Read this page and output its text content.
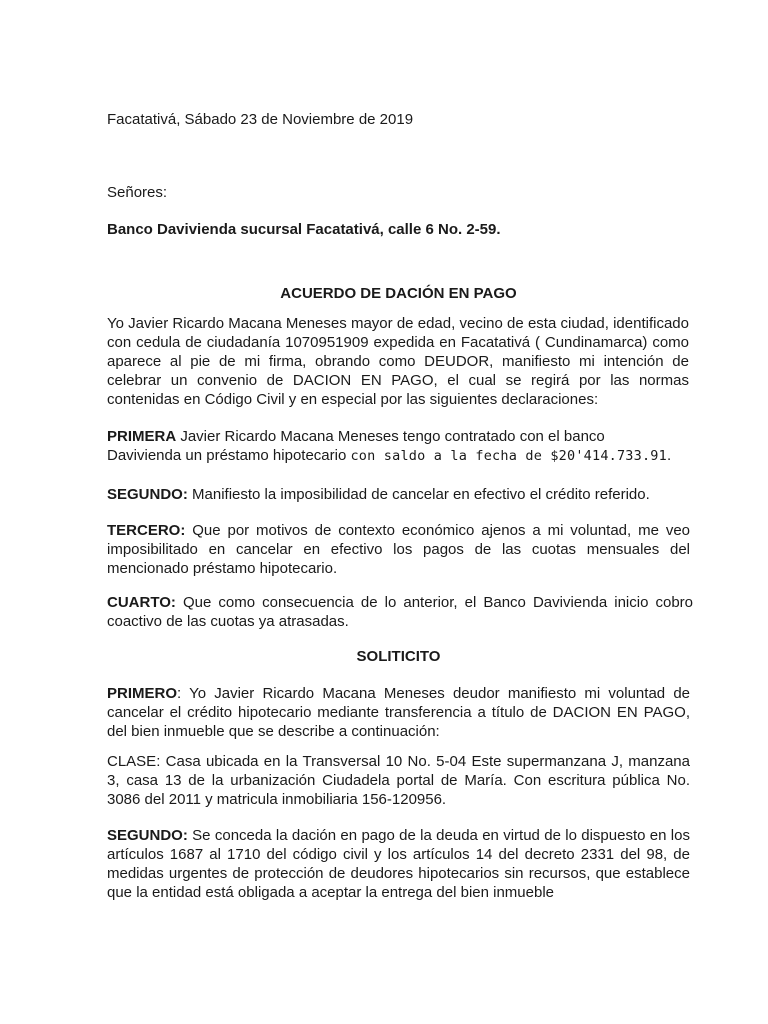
Facatativá, Sábado 23 de Noviembre de 2019

Señores:

Banco Davivienda sucursal Facatativá, calle 6 No. 2-59.

ACUERDO DE DACIÓN EN PAGO

Yo Javier Ricardo Macana Meneses mayor de edad, vecino de esta ciudad, identificado con cedula de ciudadanía 1070951909 expedida en Facatativá ( Cundinamarca) como aparece al pie de mi firma, obrando como DEUDOR, manifiesto mi intención de celebrar un convenio de DACION EN PAGO, el cual se regirá por las normas contenidas en Código Civil y en especial por las siguientes declaraciones:

PRIMERA Javier Ricardo Macana Meneses tengo contratado con el banco
Davivienda un préstamo hipotecario con saldo a la fecha de $20'414.733.91.

SEGUNDO: Manifiesto la imposibilidad de cancelar en efectivo el crédito referido.

TERCERO: Que por motivos de contexto económico ajenos a mi voluntad, me veo imposibilitado en cancelar en efectivo los pagos de las cuotas mensuales del mencionado préstamo hipotecario.

CUARTO: Que como consecuencia de lo anterior, el Banco Davivienda inicio cobro coactivo de las cuotas ya atrasadas.

SOLITICITO

PRIMERO: Yo Javier Ricardo Macana Meneses deudor manifiesto mi voluntad de cancelar el crédito hipotecario mediante transferencia a título de DACION EN PAGO, del bien inmueble que se describe a continuación:

CLASE: Casa ubicada en la Transversal 10 No. 5-04 Este supermanzana J, manzana 3, casa 13 de la urbanización Ciudadela portal de María. Con escritura pública No. 3086 del 2011 y matricula inmobiliaria 156-120956.

SEGUNDO: Se conceda la dación en pago de la deuda en virtud de lo dispuesto en los artículos 1687 al 1710 del código civil y los artículos 14 del decreto 2331 del 98, de medidas urgentes de protección de deudores hipotecarios sin recursos, que establece que la entidad está obligada a aceptar la entrega del bien inmueble
